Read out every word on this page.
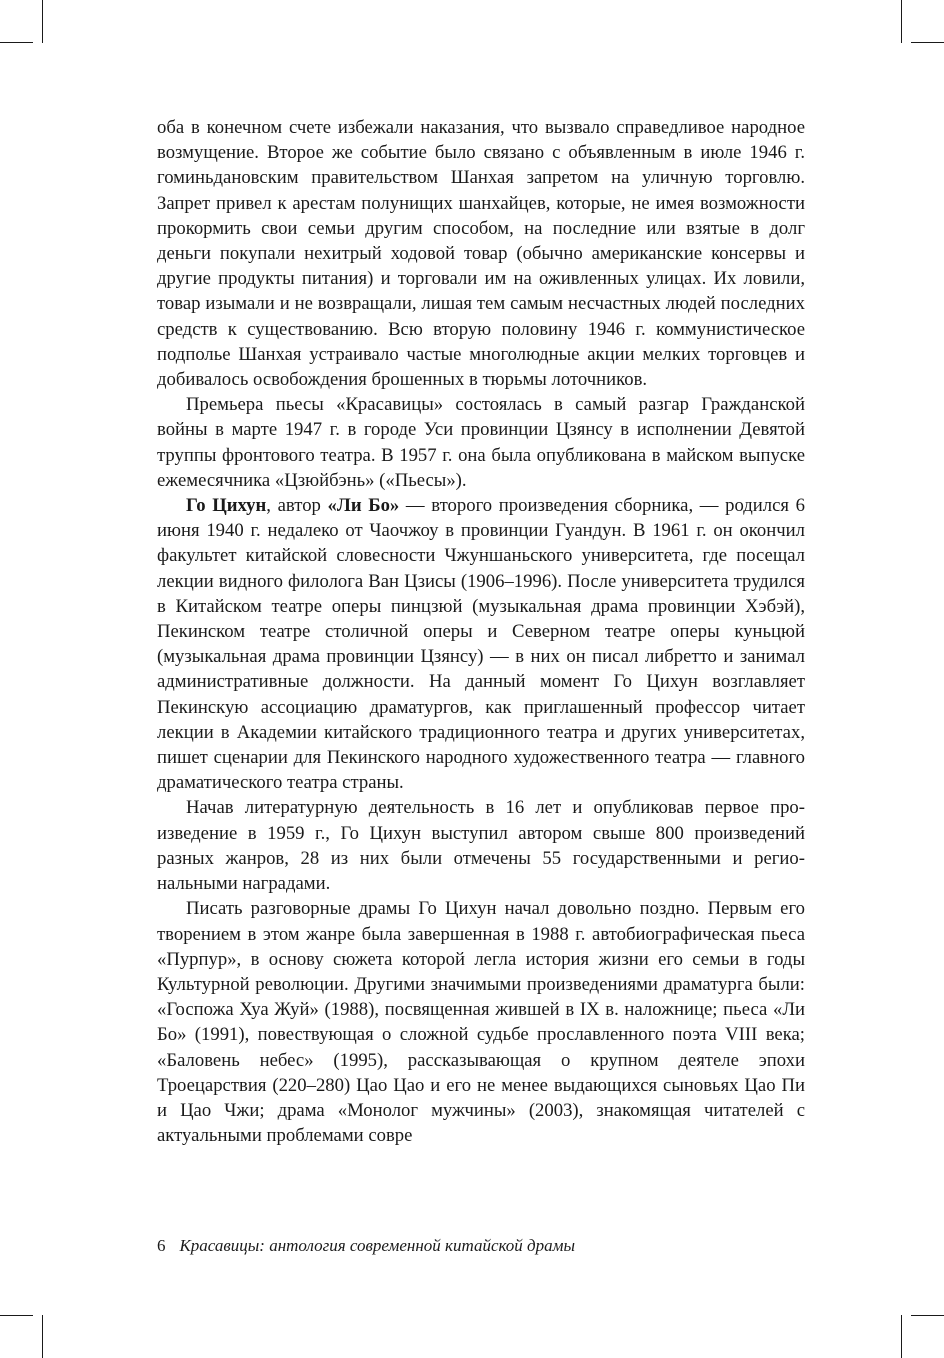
оба в конечном счете избежали наказания, что вызвало справедливое народное возмущение. Второе же событие было связано с объявленным в июле 1946 г. гоминьдановским правительством Шанхая запретом на уличную торговлю. Запрет привел к арестам полунищих шанхайцев, которые, не имея возможности прокормить свои семьи другим способом, на последние или взятые в долг деньги покупали нехитрый ходовой товар (обычно американские консервы и другие продукты питания) и торговали им на оживленных улицах. Их ловили, товар изымали и не возвращали, лишая тем самым несчастных людей последних средств к существованию. Всю вторую половину 1946 г. коммунистическое подполье Шанхая устраивало частые многолюдные акции мелких торговцев и добивалось освобождения брошенных в тюрьмы лоточников.

Премьера пьесы «Красавицы» состоялась в самый разгар Гражданской войны в марте 1947 г. в городе Уси провинции Цзянсу в исполнении Девятой труппы фронтового театра. В 1957 г. она была опубликована в майском выпуске ежемесячника «Цзюйбэнь» («Пьесы»).

Го Цихун, автор «Ли Бо» — второго произведения сборника, — родился 6 июня 1940 г. недалеко от Чаочжоу в провинции Гуандун. В 1961 г. он окончил факультет китайской словесности Чжуншаньского университета, где посещал лекции видного филолога Ван Цзисы (1906–1996). После университета трудился в Китайском театре оперы пинцзюй (музыкальная драма провинции Хэбэй), Пекинском театре столичной оперы и Северном театре оперы куньцюй (музыкальная драма провинции Цзянсу) — в них он писал либретто и занимал административные должности. На данный момент Го Цихун возглавляет Пекинскую ассоциацию драматургов, как приглашенный профессор читает лекции в Академии китайского традиционного театра и других университетах, пишет сценарии для Пекинского народного художественного театра — главного драматического театра страны.

Начав литературную деятельность в 16 лет и опубликовав первое произведение в 1959 г., Го Цихун выступил автором свыше 800 произведений разных жанров, 28 из них были отмечены 55 государственными и региональными наградами.

Писать разговорные драмы Го Цихун начал довольно поздно. Первым его творением в этом жанре была завершенная в 1988 г. автобиографическая пьеса «Пурпур», в основу сюжета которой легла история жизни его семьи в годы Культурной революции. Другими значимыми произведениями драматурга были: «Госпожа Хуа Жуй» (1988), посвященная жившей в IX в. наложнице; пьеса «Ли Бо» (1991), повествующая о сложной судьбе прославленного поэта VIII века; «Баловень небес» (1995), рассказывающая о крупном деятеле эпохи Троецарствия (220–280) Цао Цао и его не менее выдающихся сыновьях Цао Пи и Цао Чжи; драма «Монолог мужчины» (2003), знакомящая читателей с актуальными проблемами совре

6 Красавицы: антология современной китайской драмы
